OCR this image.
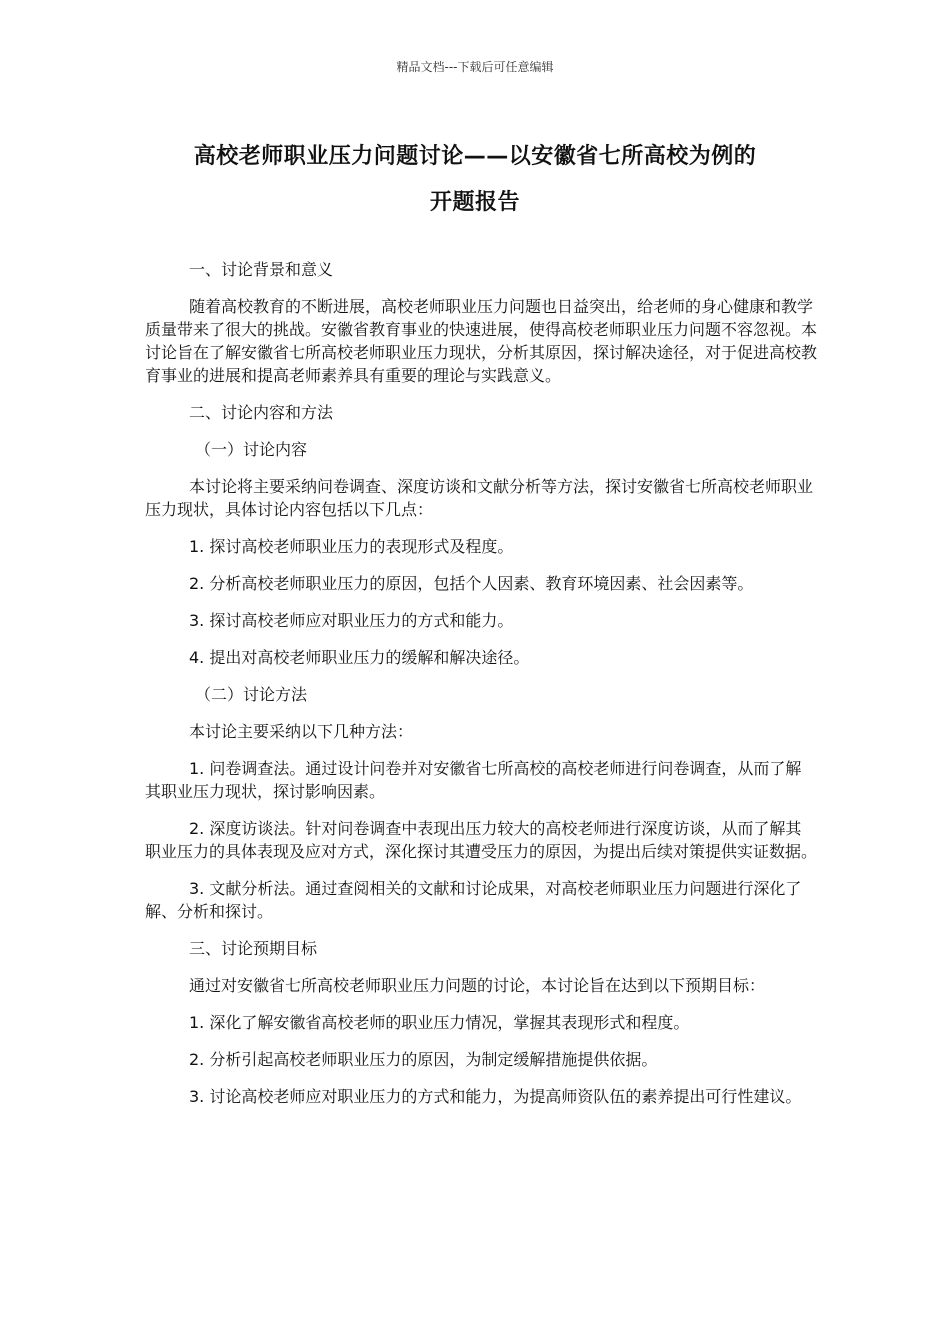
精品文档---下载后可任意编辑
高校老师职业压力问题讨论——以安徽省七所高校为例的
开题报告

一、讨论背景和意义

随着高校教育的不断进展，高校老师职业压力问题也日益突出，给老师的身心健康和教学质量带来了很大的挑战。安徽省教育事业的快速进展，使得高校老师职业压力问题不容忽视。本讨论旨在了解安徽省七所高校老师职业压力现状，分析其原因，探讨解决途径，对于促进高校教育事业的进展和提高老师素养具有重要的理论与实践意义。

二、讨论内容和方法

（一）讨论内容

本讨论将主要采纳问卷调查、深度访谈和文献分析等方法，探讨安徽省七所高校老师职业压力现状，具体讨论内容包括以下几点：

1. 探讨高校老师职业压力的表现形式及程度。

2. 分析高校老师职业压力的原因，包括个人因素、教育环境因素、社会因素等。

3. 探讨高校老师应对职业压力的方式和能力。

4. 提出对高校老师职业压力的缓解和解决途径。

（二）讨论方法

本讨论主要采纳以下几种方法：

1. 问卷调查法。通过设计问卷并对安徽省七所高校的高校老师进行问卷调查，从而了解其职业压力现状，探讨影响因素。

2. 深度访谈法。针对问卷调查中表现出压力较大的高校老师进行深度访谈，从而了解其职业压力的具体表现及应对方式，深化探讨其遭受压力的原因，为提出后续对策提供实证数据。

3. 文献分析法。通过查阅相关的文献和讨论成果，对高校老师职业压力问题进行深化了解、分析和探讨。

三、讨论预期目标

通过对安徽省七所高校老师职业压力问题的讨论，本讨论旨在达到以下预期目标：

1. 深化了解安徽省高校老师的职业压力情况，掌握其表现形式和程度。

2. 分析引起高校老师职业压力的原因，为制定缓解措施提供依据。

3. 讨论高校老师应对职业压力的方式和能力，为提高师资队伍的素养提出可行性建议。
